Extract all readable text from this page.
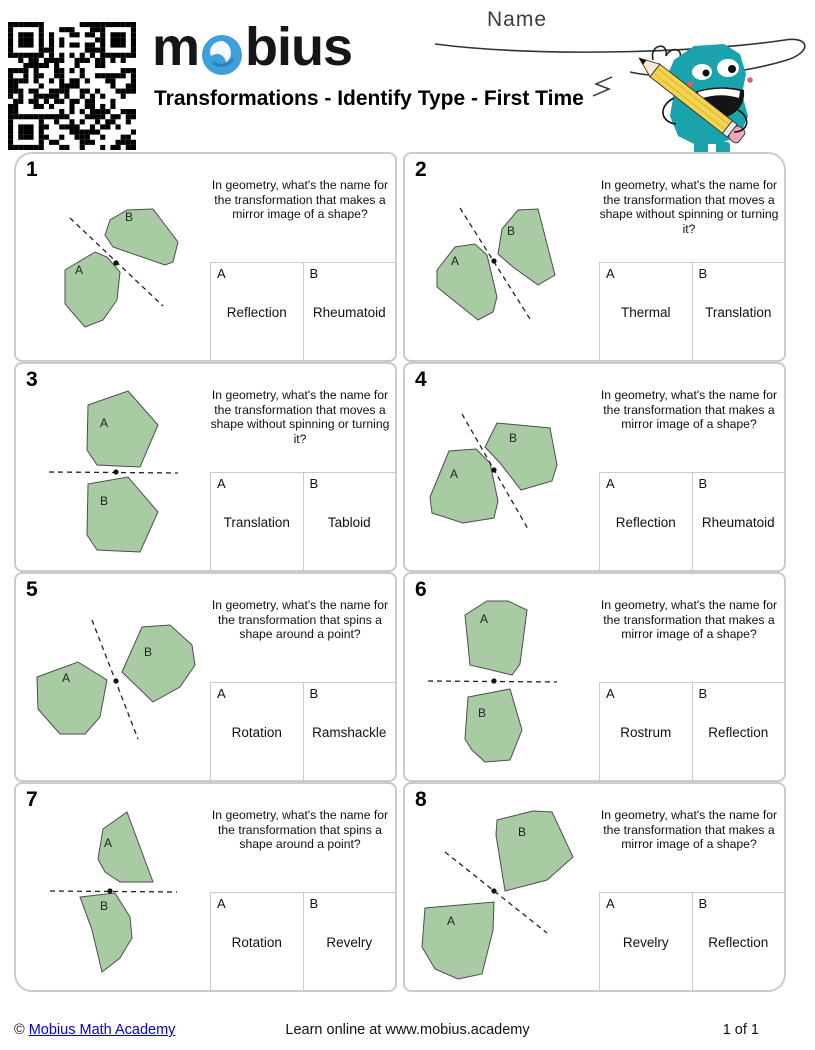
m bius
Transformations - Identify Type - First Time
Name
1
B
A
In geometry, what's the name for the transformation that makes a mirror image of a shape?
A
Reflection
B
Rheumatoid
2
A
B
In geometry, what's the name for the transformation that moves a shape without spinning or turning it?
A
Thermal
B
Translation
3
A
B
In geometry, what's the name for the transformation that moves a shape without spinning or turning it?
A
Translation
B
Tabloid
4
A
B
In geometry, what's the name for the transformation that makes a mirror image of a shape?
A
Reflection
B
Rheumatoid
5
A
B
In geometry, what's the name for the transformation that spins a shape around a point?
A
Rotation
B
Ramshackle
6
A
B
In geometry, what's the name for the transformation that makes a mirror image of a shape?
A
Rostrum
B
Reflection
7
A
B
In geometry, what's the name for the transformation that spins a shape around a point?
A
Rotation
B
Revelry
8
B
A
In geometry, what's the name for the transformation that makes a mirror image of a shape?
A
Revelry
B
Reflection
© Mobius Math Academy	Learn online at www.mobius.academy	1 of 1
